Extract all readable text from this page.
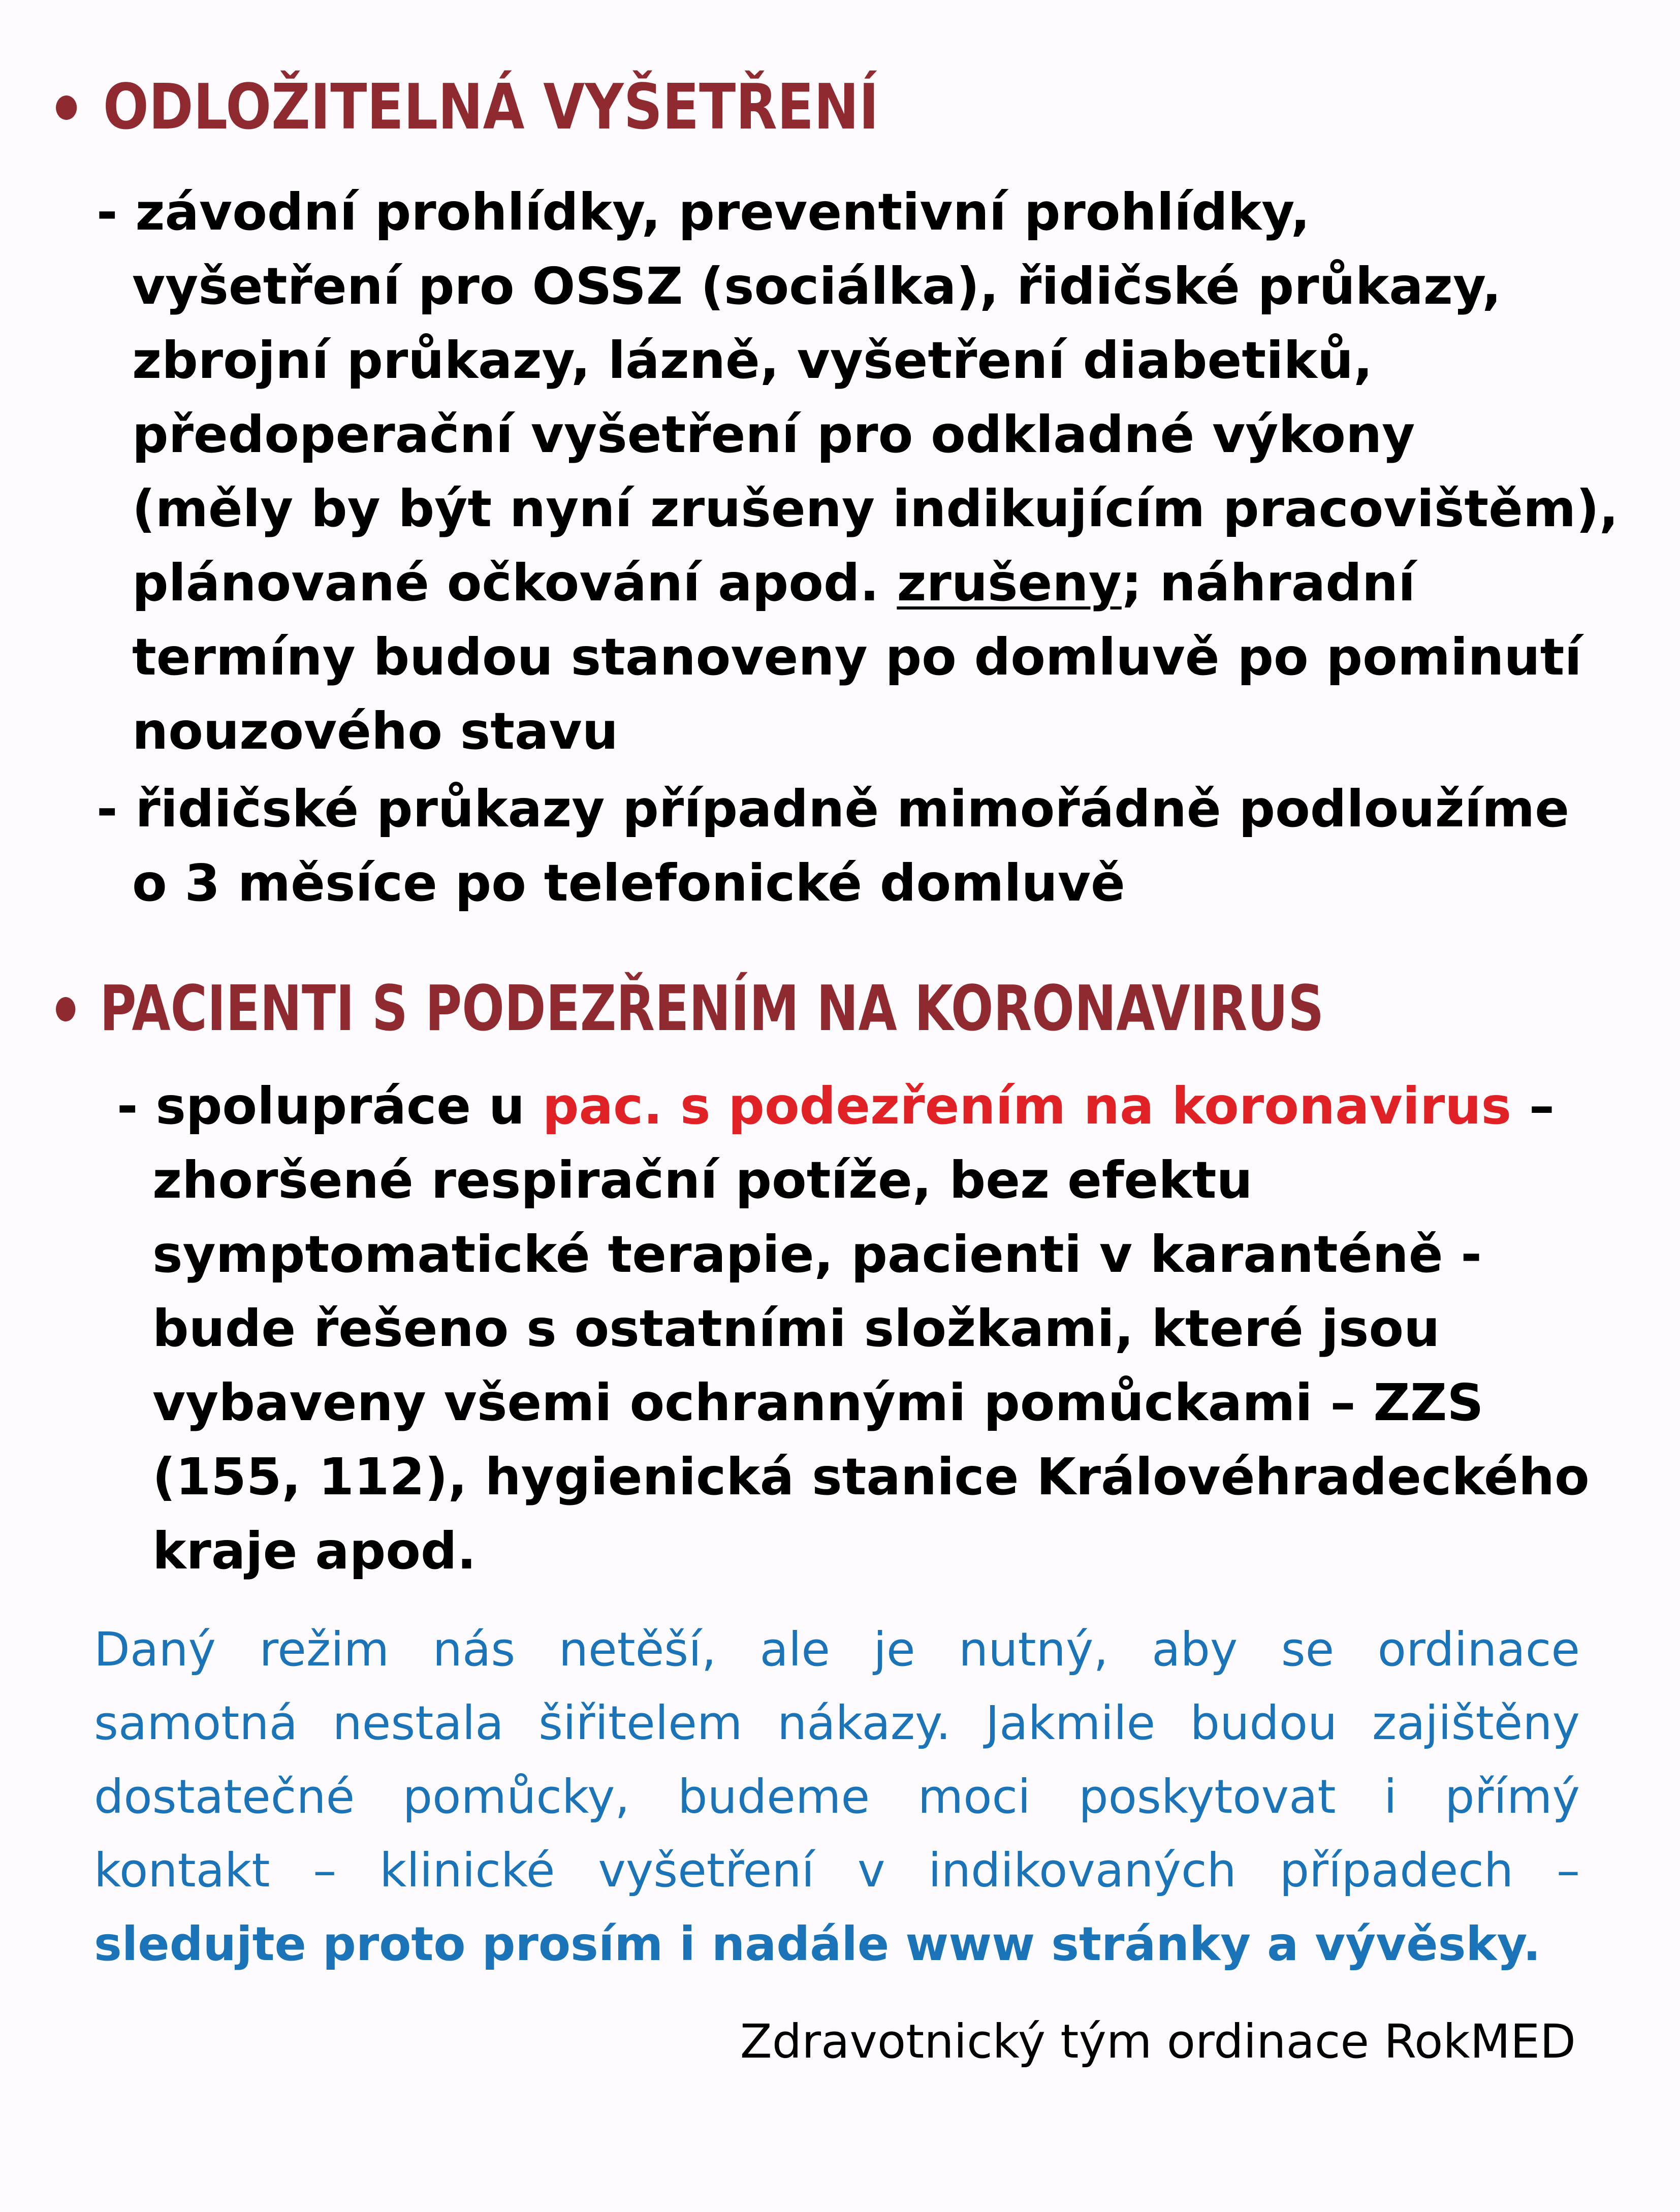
ODLOŽITELNÁ VYŠETŘENÍ
- závodní prohlídky, preventivní prohlídky,
vyšetření pro OSSZ (sociálka), řidičské průkazy,
zbrojní průkazy, lázně, vyšetření diabetiků,
předoperační vyšetření pro odkladné výkony
(měly by být nyní zrušeny indikujícím pracovištěm),
plánované očkování apod. zrušeny; náhradní
termíny budou stanoveny po domluvě po pominutí
nouzového stavu
- řidičské průkazy případně mimořádně podloužíme
o 3 měsíce po telefonické domluvě
PACIENTI S PODEZŘENÍM NA KORONAVIRUS
- spolupráce u pac. s podezřením na koronavirus –
zhoršené respirační potíže, bez efektu
symptomatické terapie, pacienti v karanténě -
bude řešeno s ostatními složkami, které jsou
vybaveny všemi ochrannými pomůckami – ZZS
(155, 112), hygienická stanice Královéhradeckého
kraje apod.
Daný režim nás netěší, ale je nutný, aby se ordinace
samotná nestala šiřitelem nákazy. Jakmile budou zajištěny
dostatečné pomůcky, budeme moci poskytovat i přímý
kontakt – klinické vyšetření v indikovaných případech –
sledujte proto prosím i nadále www stránky a vývěsky.
Zdravotnický tým ordinace RokMED
